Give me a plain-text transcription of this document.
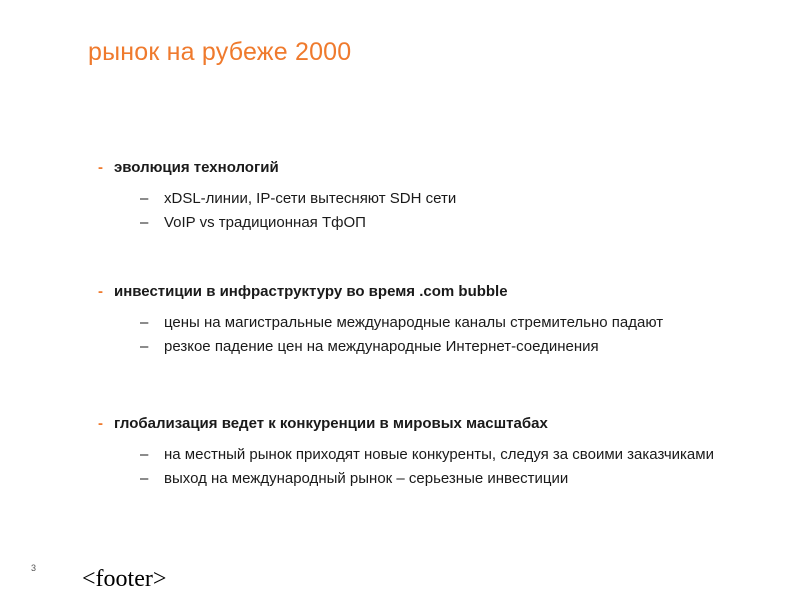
рынок на рубеже 2000
- эволюция технологий
– xDSL-линии, IP-сети вытесняют SDH сети
– VoIP vs традиционная ТфОП
- инвестиции в инфраструктуру во время .com bubble
– цены на магистральные международные каналы стремительно падают
– резкое падение цен на международные Интернет-соединения
- глобализация ведет к конкуренции в мировых масштабах
– на местный рынок приходят новые конкуренты, следуя за своими заказчиками
– выход на международный рынок – серьезные инвестиции
3 <footer>
